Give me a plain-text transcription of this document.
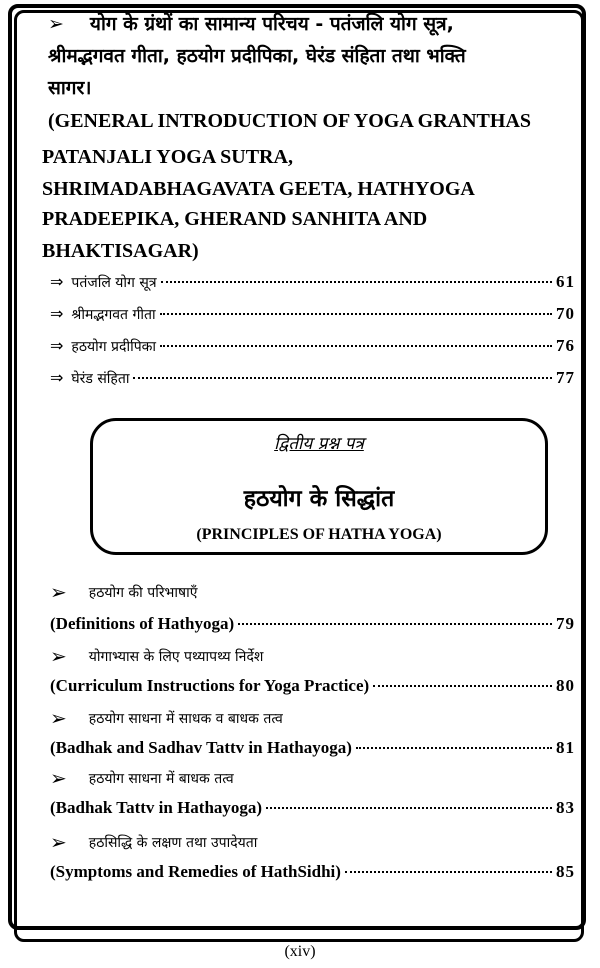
➢ योग के ग्रंथों का सामान्य परिचय - पतंजलि योग सूत्र,
श्रीमद्भगवत गीता, हठयोग प्रदीपिका, घेरंड संहिता तथा भक्ति
सागर।
(GENERAL INTRODUCTION OF YOGA GRANTHAS
PATANJALI YOGA SUTRA,
SHRIMADABHAGAVATA GEETA, HATHYOGA
PRADEEPIKA, GHERAND SANHITA AND
BHAKTISAGAR)
⇒ पतंजलि योग सूत्र	61
⇒ श्रीमद्भगवत गीता	70
⇒ हठयोग प्रदीपिका	76
⇒ घेरंड संहिता	77
द्वितीय प्रश्न पत्र
हठयोग के सिद्धांत
(PRINCIPLES OF HATHA YOGA)
➢ हठयोग की परिभाषाएँ
(Definitions of Hathyoga)	79
➢ योगाभ्यास के लिए पथ्यापथ्य निर्देश
(Curriculum Instructions for Yoga Practice)	80
➢ हठयोग साधना में साधक व बाधक तत्व
(Badhak and Sadhav Tattv in Hathayoga)	81
➢ हठयोग साधना में बाधक तत्व
(Badhak Tattv in Hathayoga)	83
➢ हठसिद्धि के लक्षण तथा उपादेयता
(Symptoms and Remedies of HathSidhi)	85
(xiv)
